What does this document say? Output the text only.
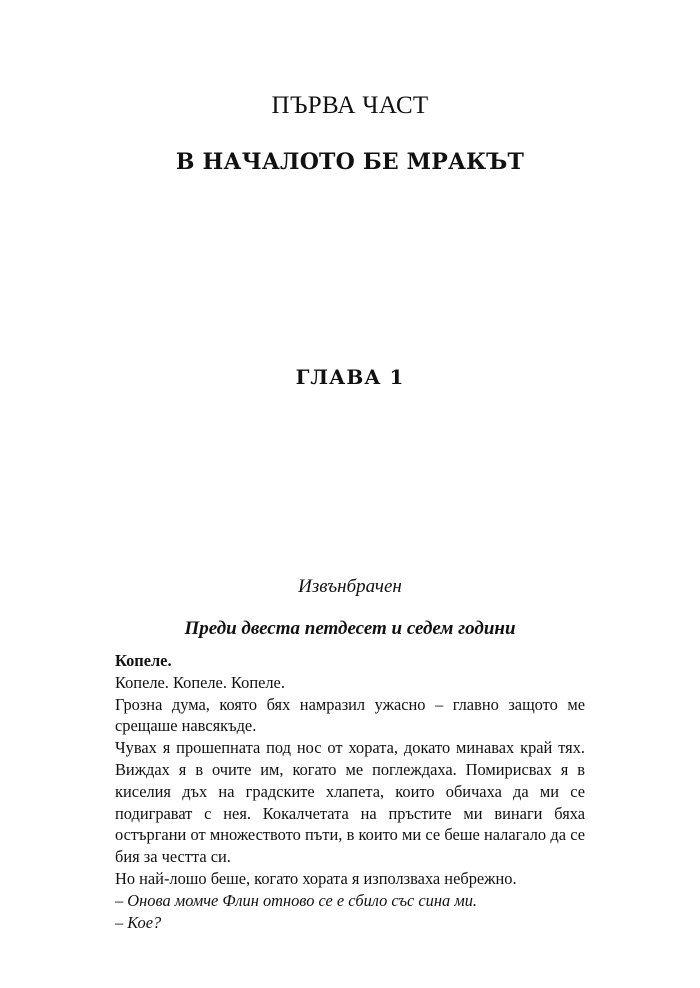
ПЪРВА ЧАСТ
В НАЧАЛОТО БЕ МРАКЪТ
ГЛАВА 1
Извънбрачен
Преди двеста петдесет и седем години

Копеле.

Копеле. Копеле. Копеле.

Грозна дума, която бях намразил ужасно – главно защото ме срещаше навсякъде.

Чувах я прошепната под нос от хората, докато минавах край тях. Виждах я в очите им, когато ме поглеждаха. Помирисвах я в киселия дъх на градските хлапета, които обичаха да ми се подиграват с нея. Кокалчетата на пръстите ми винаги бяха остъргани от множеството пъти, в които ми се беше налагало да се бия за честта си.

Но най-лошо беше, когато хората я използваха небрежно.

– Онова момче Флин отново се е сбило със сина ми.

– Кое?
